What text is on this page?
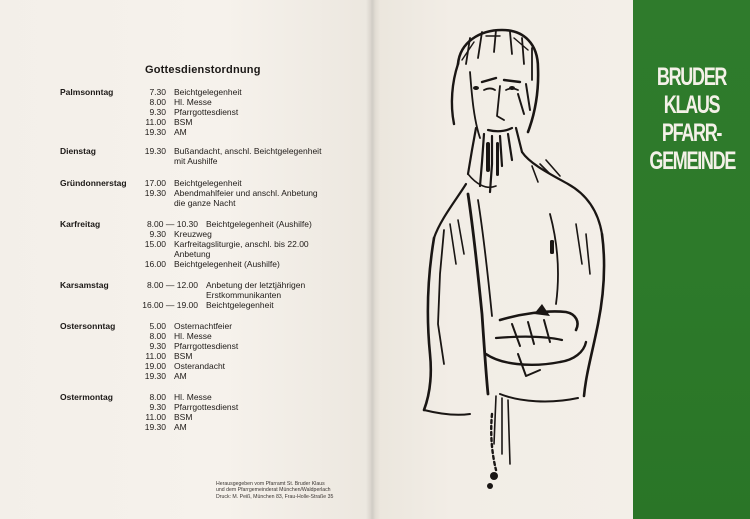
Gottesdienstordnung
Palmsonntag	7.30 Beichtgelegenheit
8.00 Hl. Messe
9.30 Pfarrgottesdienst
11.00 BSM
19.30 AM
Dienstag	19.30 Bußandacht, anschl. Beichtgelegenheit
mit Aushilfe
Gründonnerstag	17.00 Beichtgelegenheit
19.30 Abendmahlfeier und anschl. Anbetung
die ganze Nacht
Karfreitag	8.00 — 10.30 Beichtgelegenheit (Aushilfe)
9.30 Kreuzweg
15.00 Karfreitagsliturgie, anschl. bis 22.00
Anbetung
16.00 Beichtgelegenheit (Aushilfe)
Karsamstag	8.00 — 12.00 Anbetung der letztjährigen
Erstkommunikanten
16.00 — 19.00 Beichtgelegenheit
Ostersonntag	5.00 Osternachtfeier
8.00 Hl. Messe
9.30 Pfarrgottesdienst
11.00 BSM
19.00 Osterandacht
19.30 AM
Ostermontag	8.00 Hl. Messe
9.30 Pfarrgottesdienst
11.00 BSM
19.30 AM
Herausgegeben vom Pfarramt St. Bruder Klaus
und dem Pfarrgemeinderat München/Waldperlach
Druck: M. Peiß, München 83, Frau-Holle-Straße 35
BRUDER
KLAUS
PFARR-
GEMEINDE
